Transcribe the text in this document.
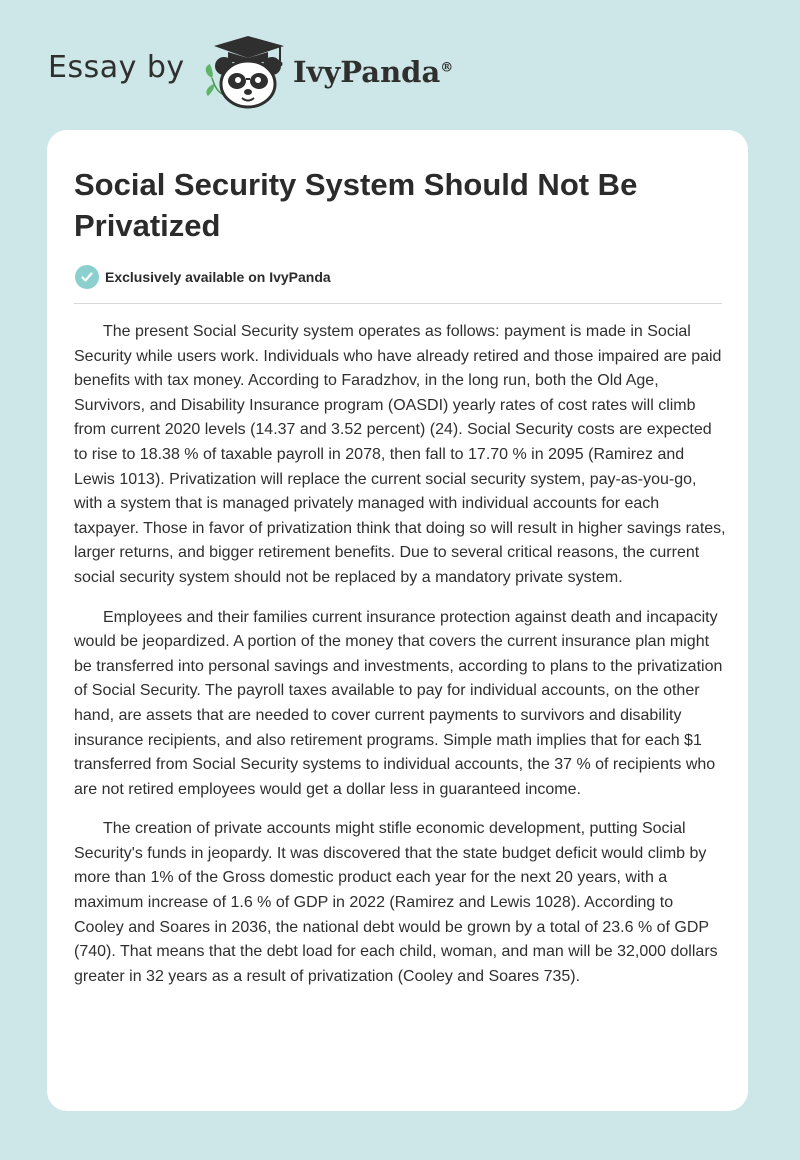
Essay by	IvyPanda®
Social Security System Should Not Be Privatized
Exclusively available on IvyPanda

The present Social Security system operates as follows: payment is made in Social Security while users work. Individuals who have already retired and those impaired are paid benefits with tax money. According to Faradzhov, in the long run, both the Old Age, Survivors, and Disability Insurance program (OASDI) yearly rates of cost rates will climb from current 2020 levels (14.37 and 3.52 percent) (24). Social Security costs are expected to rise to 18.38 % of taxable payroll in 2078, then fall to 17.70 % in 2095 (Ramirez and Lewis 1013). Privatization will replace the current social security system, pay-as-you-go, with a system that is managed privately managed with individual accounts for each taxpayer. Those in favor of privatization think that doing so will result in higher savings rates, larger returns, and bigger retirement benefits. Due to several critical reasons, the current social security system should not be replaced by a mandatory private system.

Employees and their families current insurance protection against death and incapacity would be jeopardized. A portion of the money that covers the current insurance plan might be transferred into personal savings and investments, according to plans to the privatization of Social Security. The payroll taxes available to pay for individual accounts, on the other hand, are assets that are needed to cover current payments to survivors and disability insurance recipients, and also retirement programs. Simple math implies that for each $1 transferred from Social Security systems to individual accounts, the 37 % of recipients who are not retired employees would get a dollar less in guaranteed income.

The creation of private accounts might stifle economic development, putting Social Security's funds in jeopardy. It was discovered that the state budget deficit would climb by more than 1% of the Gross domestic product each year for the next 20 years, with a maximum increase of 1.6 % of GDP in 2022 (Ramirez and Lewis 1028). According to Cooley and Soares in 2036, the national debt would be grown by a total of 23.6 % of GDP (740). That means that the debt load for each child, woman, and man will be 32,000 dollars greater in 32 years as a result of privatization (Cooley and Soares 735).
